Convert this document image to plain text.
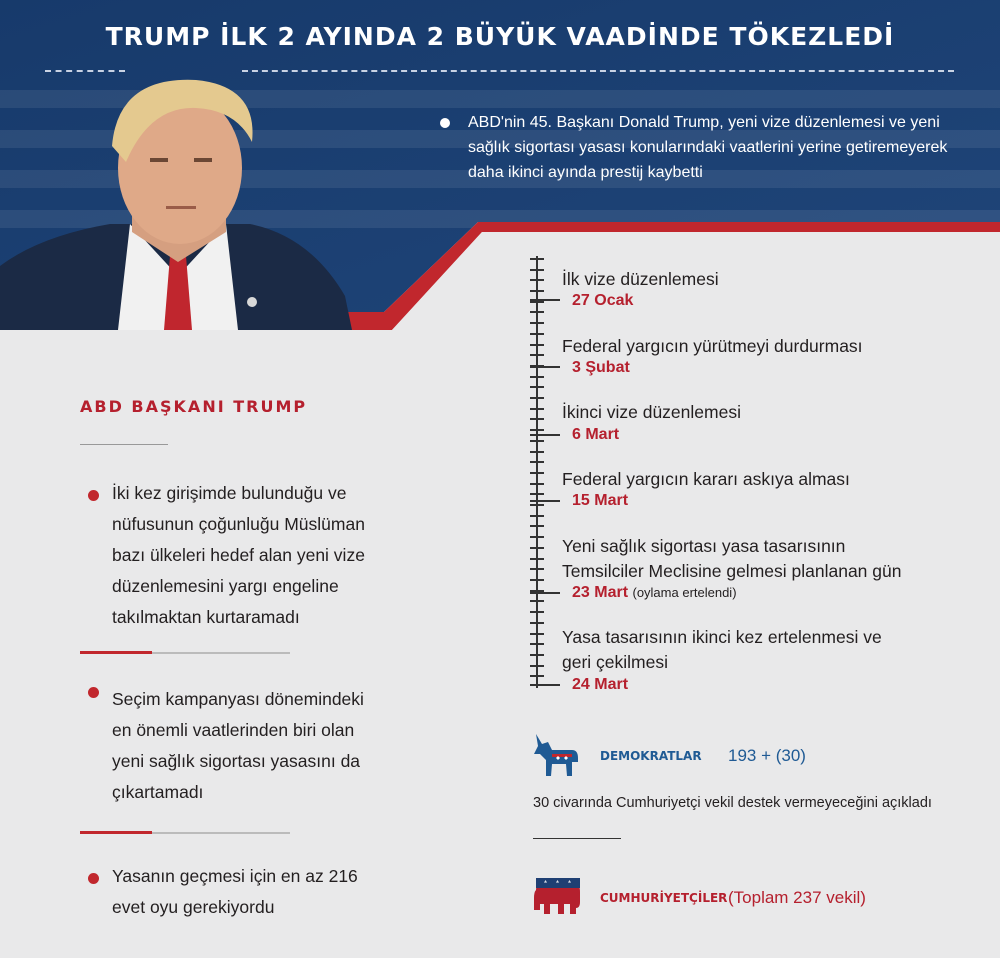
TRUMP İLK 2 AYINDA 2 BÜYÜK VAADİNDE TÖKEZLEDİ
ABD'nin 45. Başkanı Donald Trump, yeni vize düzenlemesi ve yeni sağlık sigortası yasası konularındaki vaatlerini yerine getiremeyerek daha ikinci ayında prestij kaybetti
ABD BAŞKANI TRUMP
İki kez girişimde bulunduğu ve nüfusunun çoğunluğu Müslüman bazı ülkeleri hedef alan yeni vize düzenlemesini yargı engeline takılmaktan kurtaramadı
Seçim kampanyası dönemindeki en önemli vaatlerinden biri olan yeni sağlık sigortası yasasını da çıkartamadı
Yasanın geçmesi için en az 216 evet oyu gerekiyordu
İlk vize düzenlemesi
27 Ocak
Federal yargıcın yürütmeyi durdurması
3 Şubat
İkinci vize düzenlemesi
6 Mart
Federal yargıcın kararı askıya alması
15 Mart
Yeni sağlık sigortası yasa tasarısının Temsilciler Meclisine gelmesi planlanan gün
23 Mart (oylama ertelendi)
Yasa tasarısının ikinci kez ertelenmesi ve geri çekilmesi
24 Mart
DEMOKRATLAR 193 + (30)
30 civarında Cumhuriyetçi vekil destek vermeyeceğini açıkladı
CUMHURİYETÇİLER (Toplam 237 vekil)
